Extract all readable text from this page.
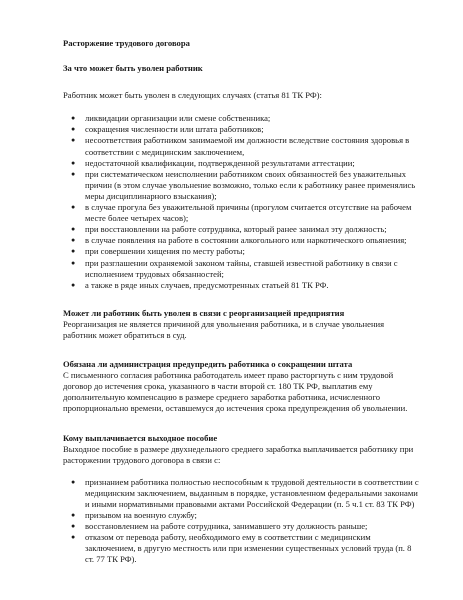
Расторжение трудового договора
За что может быть уволен работник
Работник может быть уволен в следующих случаях (статья 81 ТК РФ):
● ликвидации организации или смене собственника;
● сокращения численности или штата работников;
● несоответствия работником занимаемой им должности вследствие состояния здоровья в соответствии с медицинским заключением,
● недостаточной квалификации, подтвержденной результатами аттестации;
● при систематическом неисполнении работником своих обязанностей без уважительных причин (в этом случае увольнение возможно, только если к работнику ранее применялись меры дисциплинарного взыскания);
● в случае прогула без уважительной причины (прогулом считается отсутствие на рабочем месте более четырех часов);
● при восстановлении на работе сотрудника, который ранее занимал эту должность;
● в случае появления на работе в состоянии алкогольного или наркотического опьянения;
● при совершении хищения по месту работы;
● при разглашении охраняемой законом тайны, ставшей известной работнику в связи с исполнением трудовых обязанностей;
● а также в ряде иных случаев, предусмотренных статьей 81 ТК РФ.
Может ли работник быть уволен в связи с реорганизацией предприятия
Реорганизация не является причиной для увольнения работника, и в случае увольнения работник может обратиться в суд.
Обязана ли администрация предупредить работника о сокращении штата
С письменного согласия работника работодатель имеет право расторгнуть с ним трудовой договор до истечения срока, указанного в части второй ст. 180 ТК РФ, выплатив ему дополнительную компенсацию в размере среднего заработка работника, исчисленного пропорционально времени, оставшемуся до истечения срока предупреждения об увольнении.
Кому выплачивается выходное пособие
Выходное пособие в размере двухнедельного среднего заработка выплачивается работнику при расторжении трудового договора в связи с:
● признанием работника полностью неспособным к трудовой деятельности в соответствии с медицинским заключением, выданным в порядке, установленном федеральными законами и иными нормативными правовыми актами Российской Федерации (п. 5 ч.1 ст. 83 ТК РФ)
● призывом на военную службу;
● восстановлением на работе сотрудника, занимавшего эту должность раньше;
● отказом от перевода работу, необходимого ему в соответствии с медицинским заключением, в другую местность или при изменении существенных условий труда (п. 8 ст. 77 ТК РФ).
